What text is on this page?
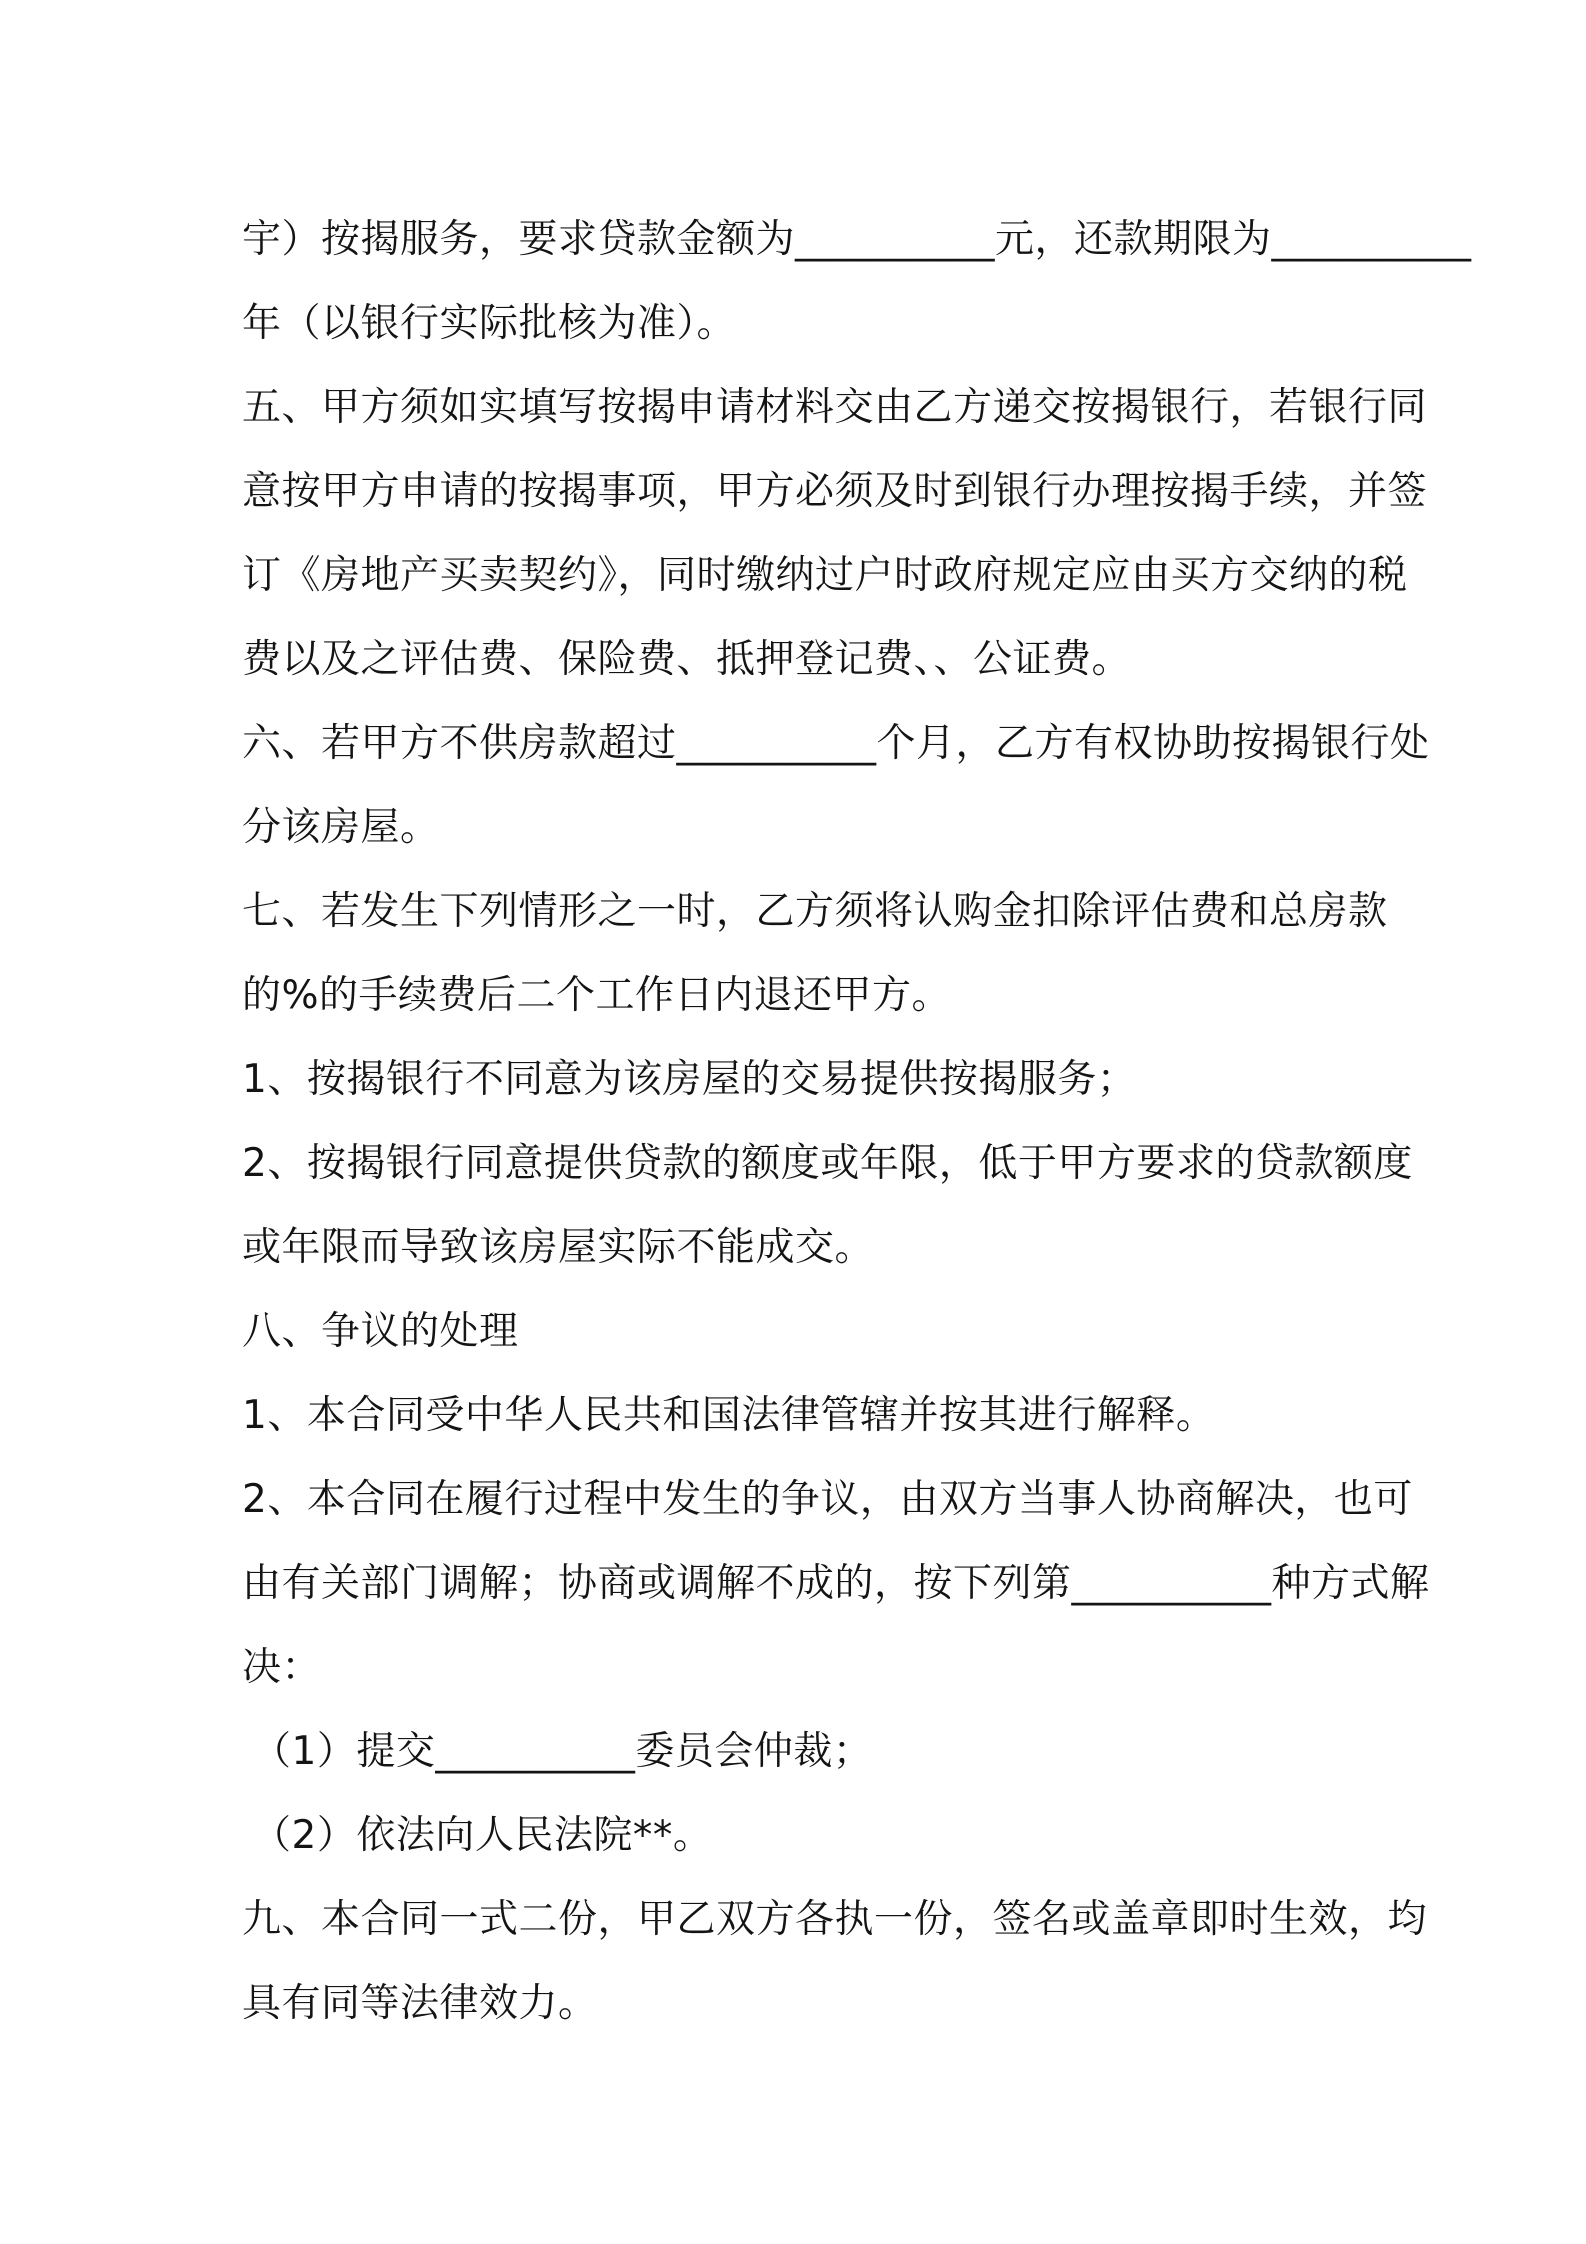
宇）按揭服务，要求贷款金额为__________元，还款期限为__________
年（以银行实际批核为准）。
五、甲方须如实填写按揭申请材料交由乙方递交按揭银行，若银行同
意按甲方申请的按揭事项，甲方必须及时到银行办理按揭手续，并签
订《房地产买卖契约》，同时缴纳过户时政府规定应由买方交纳的税
费以及之评估费、保险费、抵押登记费、、公证费。
六、若甲方不供房款超过__________个月，乙方有权协助按揭银行处
分该房屋。
七、若发生下列情形之一时，乙方须将认购金扣除评估费和总房款
的%的手续费后二个工作日内退还甲方。
1、按揭银行不同意为该房屋的交易提供按揭服务；
2、按揭银行同意提供贷款的额度或年限，低于甲方要求的贷款额度
或年限而导致该房屋实际不能成交。
八、争议的处理
1、本合同受中华人民共和国法律管辖并按其进行解释。
2、本合同在履行过程中发生的争议，由双方当事人协商解决，也可
由有关部门调解；协商或调解不成的，按下列第__________种方式解
决：
（1）提交__________委员会仲裁；
（2）依法向人民法院**。
九、本合同一式二份，甲乙双方各执一份，签名或盖章即时生效，均
具有同等法律效力。
